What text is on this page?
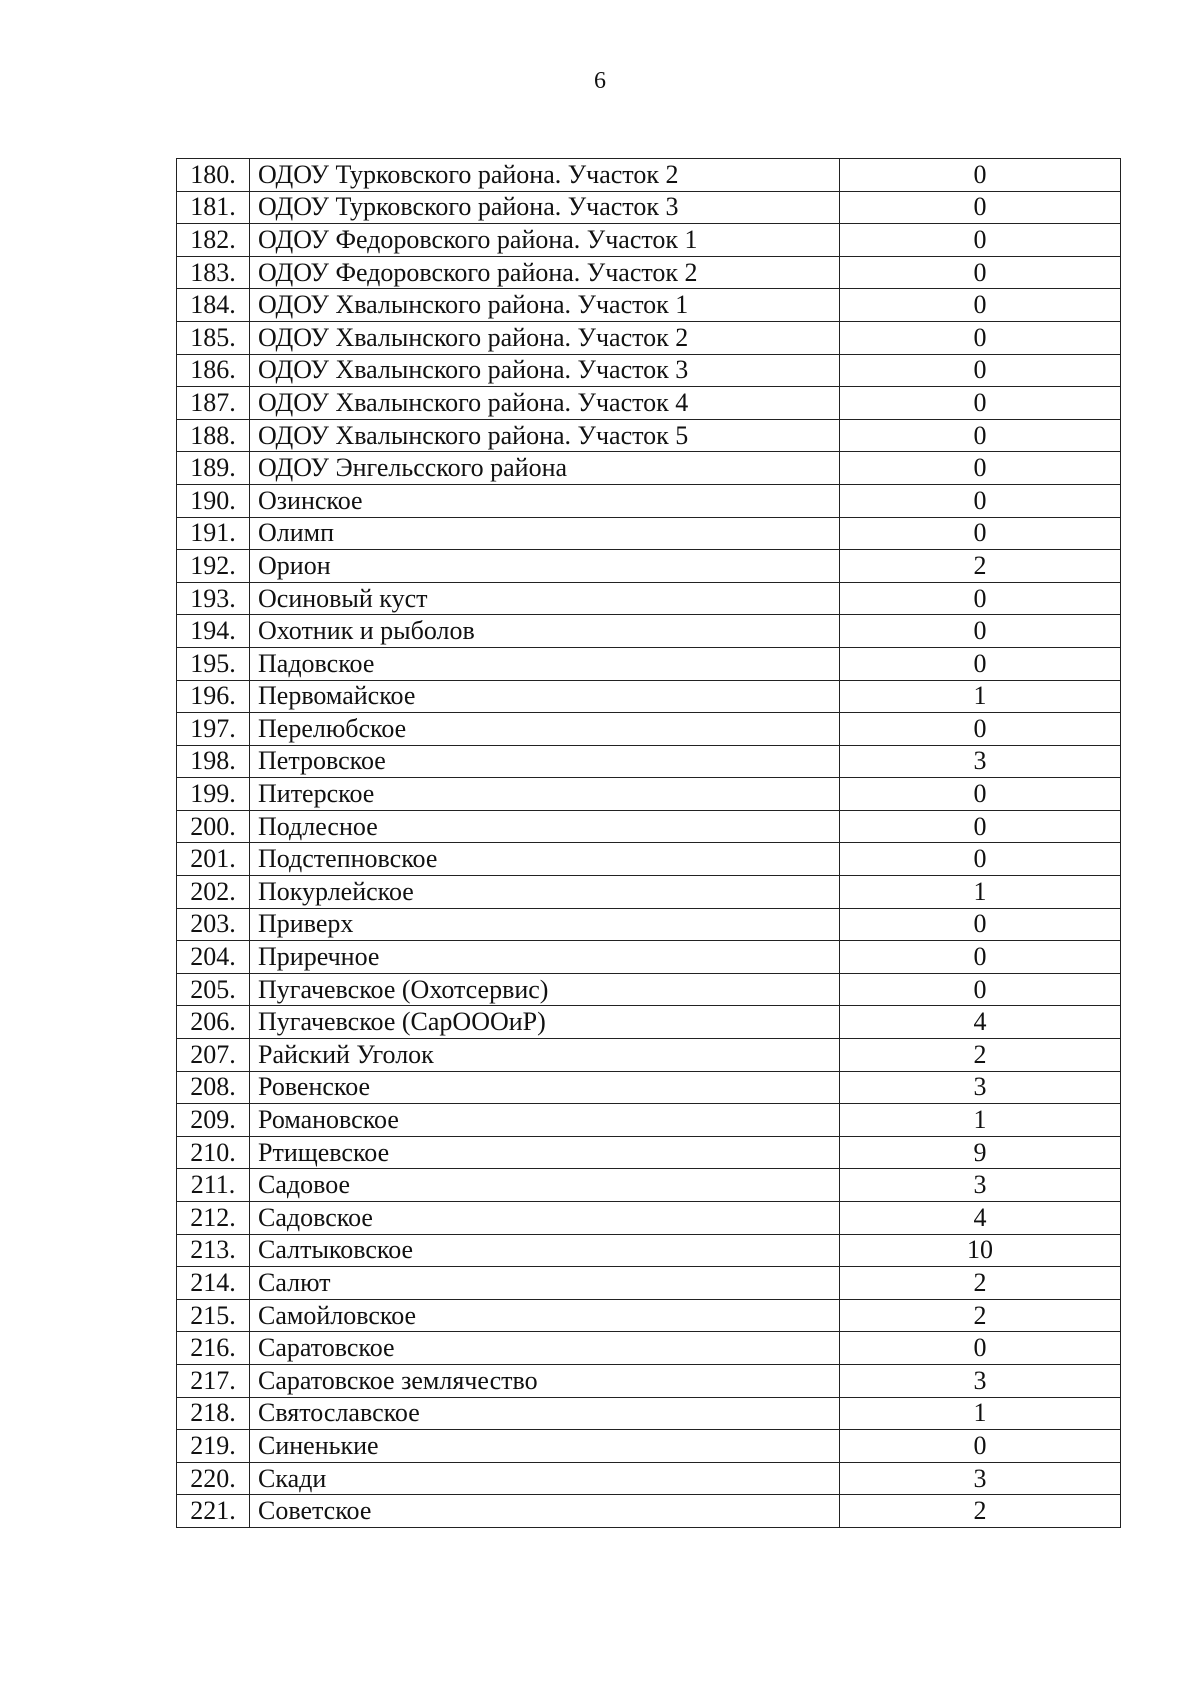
6
180.	ОДОУ Турковского района. Участок 2	0
181.	ОДОУ Турковского района. Участок 3	0
182.	ОДОУ Федоровского района. Участок 1	0
183.	ОДОУ Федоровского района. Участок 2	0
184.	ОДОУ Хвалынского района. Участок 1	0
185.	ОДОУ Хвалынского района. Участок 2	0
186.	ОДОУ Хвалынского района. Участок 3	0
187.	ОДОУ Хвалынского района. Участок 4	0
188.	ОДОУ Хвалынского района. Участок 5	0
189.	ОДОУ Энгельсского района	0
190.	Озинское	0
191.	Олимп	0
192.	Орион	2
193.	Осиновый куст	0
194.	Охотник и рыболов	0
195.	Падовское	0
196.	Первомайское	1
197.	Перелюбское	0
198.	Петровское	3
199.	Питерское	0
200.	Подлесное	0
201.	Подстепновское	0
202.	Покурлейское	1
203.	Приверх	0
204.	Приречное	0
205.	Пугачевское (Охотсервис)	0
206.	Пугачевское (СарОООиР)	4
207.	Райский Уголок	2
208.	Ровенское	3
209.	Романовское	1
210.	Ртищевское	9
211.	Садовое	3
212.	Садовское	4
213.	Салтыковское	10
214.	Салют	2
215.	Самойловское	2
216.	Саратовское	0
217.	Саратовское землячество	3
218.	Святославское	1
219.	Синенькие	0
220.	Скади	3
221.	Советское	2
